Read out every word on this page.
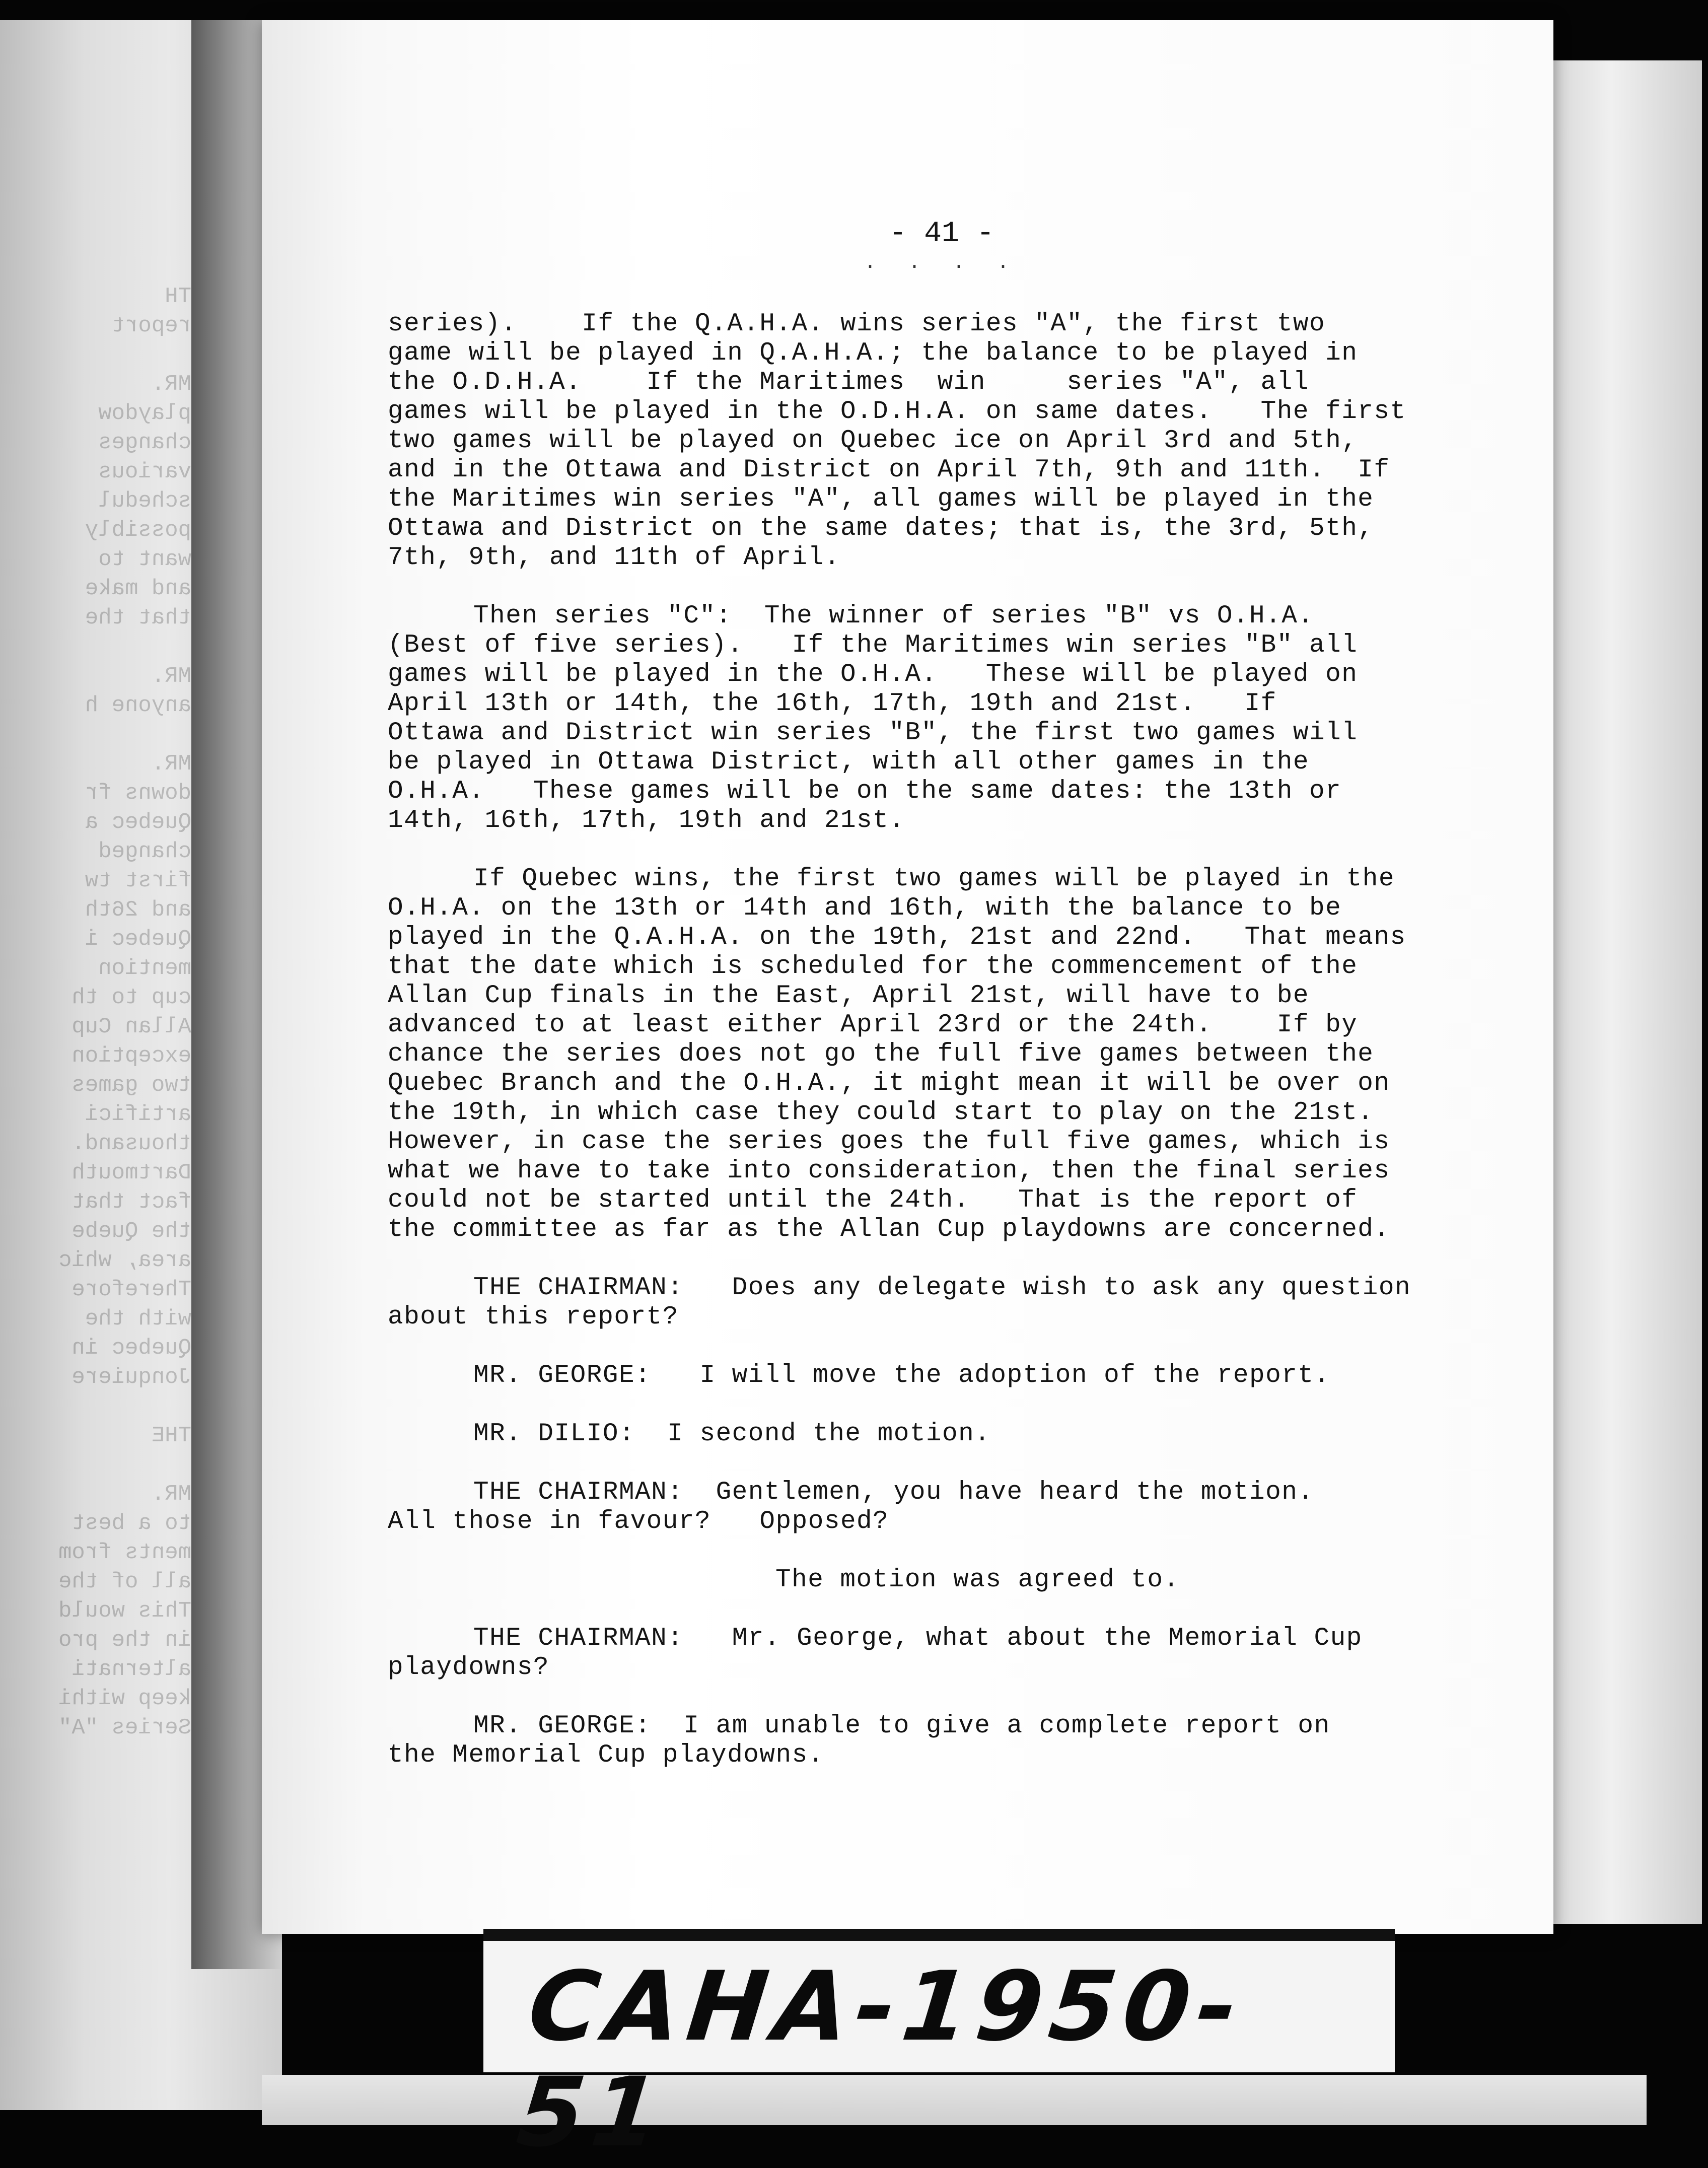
TH
report

MR.
playdow
changes
various
schedul
possibly
want to
and make
that the

MR.
anyone h

MR.
downs fr
Quebec a
changed
first tw
and 26th
Quebec i
mention
cup to th
Allan Cup
exception
two games
artifici
thousand.
Dartmouth
fact that
the Quebe
area, whic
Therefore
with the
Quebec in
Jonquiere

THE

MR.
to a best
ments from
all of the
This would
in the pro
alternati
keep withi
Series "A"
- 41 -
. . . .
series).    If the Q.A.H.A. wins series "A", the first two
game will be played in Q.A.H.A.; the balance to be played in
the O.D.H.A.    If the Maritimes  win     series "A", all
games will be played in the O.D.H.A. on same dates.   The first
two games will be played on Quebec ice on April 3rd and 5th,
and in the Ottawa and District on April 7th, 9th and 11th.  If
the Maritimes win series "A", all games will be played in the
Ottawa and District on the same dates; that is, the 3rd, 5th,
7th, 9th, and 11th of April.
Then series "C":  The winner of series "B" vs O.H.A.
(Best of five series).   If the Maritimes win series "B" all
games will be played in the O.H.A.   These will be played on
April 13th or 14th, the 16th, 17th, 19th and 21st.   If
Ottawa and District win series "B", the first two games will
be played in Ottawa District, with all other games in the
O.H.A.   These games will be on the same dates: the 13th or
14th, 16th, 17th, 19th and 21st.
If Quebec wins, the first two games will be played in the
O.H.A. on the 13th or 14th and 16th, with the balance to be
played in the Q.A.H.A. on the 19th, 21st and 22nd.   That means
that the date which is scheduled for the commencement of the
Allan Cup finals in the East, April 21st, will have to be
advanced to at least either April 23rd or the 24th.    If by
chance the series does not go the full five games between the
Quebec Branch and the O.H.A., it might mean it will be over on
the 19th, in which case they could start to play on the 21st.
However, in case the series goes the full five games, which is
what we have to take into consideration, then the final series
could not be started until the 24th.   That is the report of
the committee as far as the Allan Cup playdowns are concerned.
THE CHAIRMAN:   Does any delegate wish to ask any question
about this report?
MR. GEORGE:   I will move the adoption of the report.
MR. DILIO:  I second the motion.
THE CHAIRMAN:  Gentlemen, you have heard the motion.
All those in favour?   Opposed?
The motion was agreed to.
THE CHAIRMAN:   Mr. George, what about the Memorial Cup
playdowns?
MR. GEORGE:  I am unable to give a complete report on
the Memorial Cup playdowns.
CAHA-1950-51
